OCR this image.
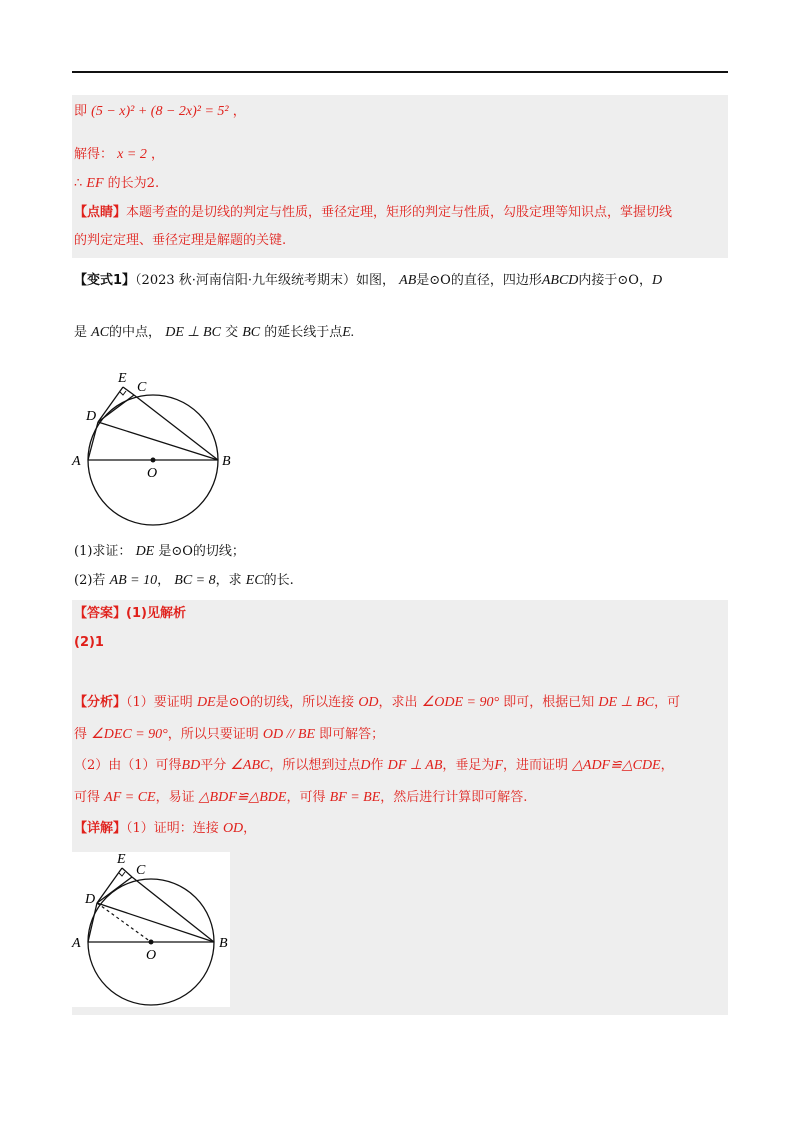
即 (5 − x)² + (8 − 2x)² = 5² ，
解得： x = 2 ，
∴ EF 的长为2.
【点睛】本题考查的是切线的判定与性质，垂径定理，矩形的判定与性质，勾股定理等知识点，掌握切线
的判定定理、垂径定理是解题的关键.
【变式1】（2023 秋·河南信阳·九年级统考期末）如图， AB是⊙O的直径，四边形ABCD内接于⊙O，D
是 AC的中点， DE ⊥ BC 交 BC 的延长线于点E.
E
C
D
A	B
O
(1)求证： DE 是⊙O的切线；
(2)若 AB = 10， BC = 8，求 EC的长.
【答案】(1)见解析
(2)1
【分析】（1）要证明 DE是⊙O的切线，所以连接 OD，求出 ∠ODE = 90° 即可，根据已知 DE ⊥ BC，可
得 ∠DEC = 90°，所以只要证明 OD // BE 即可解答；
（2）由（1）可得BD平分 ∠ABC，所以想到过点D作 DF ⊥ AB，垂足为F，进而证明 △ADF≌△CDE，
可得 AF = CE，易证 △BDF≌△BDE，可得 BF = BE，然后进行计算即可解答.
【详解】（1）证明：连接 OD，
E
C
D
A	B
O
